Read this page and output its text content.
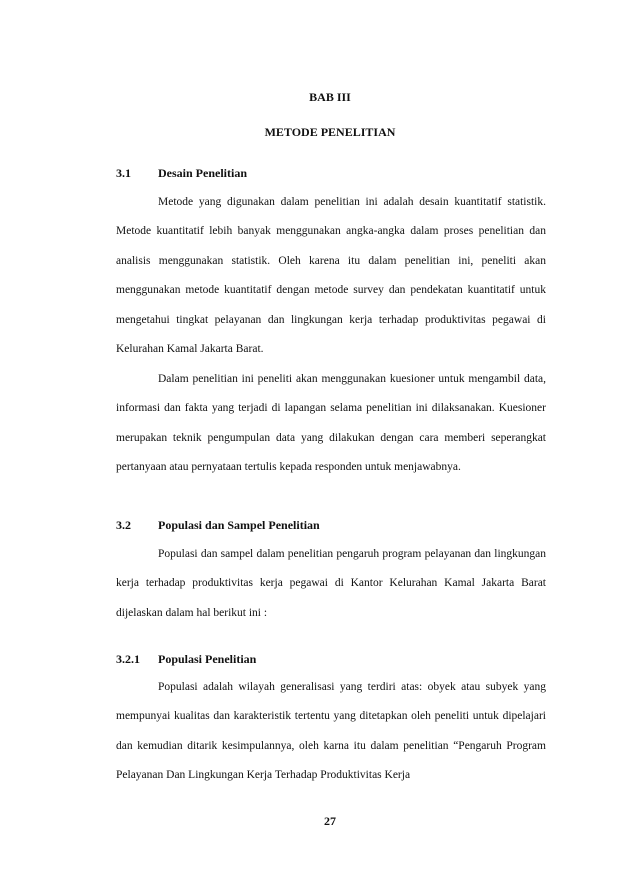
BAB III
METODE PENELITIAN
3.1 Desain Penelitian

Metode yang digunakan dalam penelitian ini adalah desain kuantitatif statistik. Metode kuantitatif lebih banyak menggunakan angka-angka dalam proses penelitian dan analisis menggunakan statistik. Oleh karena itu dalam penelitian ini, peneliti akan menggunakan metode kuantitatif dengan metode survey dan pendekatan kuantitatif untuk mengetahui tingkat pelayanan dan lingkungan kerja terhadap produktivitas pegawai di Kelurahan Kamal Jakarta Barat.

Dalam penelitian ini peneliti akan menggunakan kuesioner untuk mengambil data, informasi dan fakta yang terjadi di lapangan selama penelitian ini dilaksanakan. Kuesioner merupakan teknik pengumpulan data yang dilakukan dengan cara memberi seperangkat pertanyaan atau pernyataan tertulis kepada responden untuk menjawabnya.

3.2 Populasi dan Sampel Penelitian

Populasi dan sampel dalam penelitian pengaruh program pelayanan dan lingkungan kerja terhadap produktivitas kerja pegawai di Kantor Kelurahan Kamal Jakarta Barat dijelaskan dalam hal berikut ini :

3.2.1 Populasi Penelitian

Populasi adalah wilayah generalisasi yang terdiri atas: obyek atau subyek yang mempunyai kualitas dan karakteristik tertentu yang ditetapkan oleh peneliti untuk dipelajari dan kemudian ditarik kesimpulannya, oleh karna itu dalam penelitian “Pengaruh Program Pelayanan Dan Lingkungan Kerja Terhadap Produktivitas Kerja

27
